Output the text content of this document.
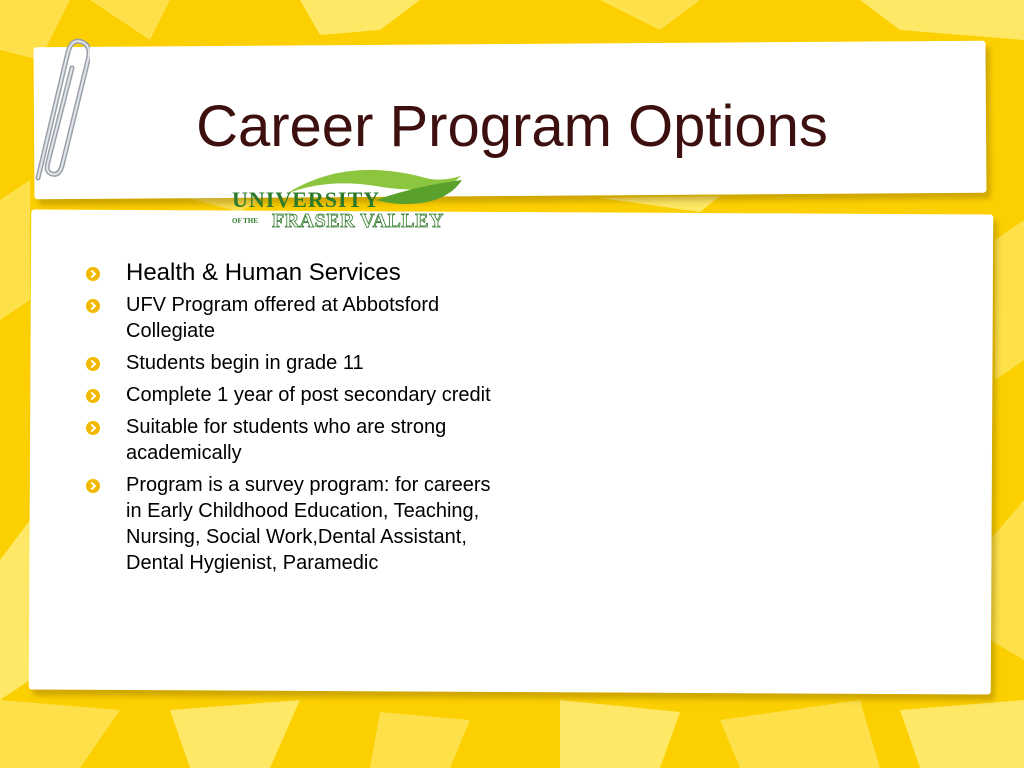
Career Program Options

UNIVERSITY

OF THE FRASER VALLEY

Health & Human Services
UFV Program offered at Abbotsford Collegiate
Students begin in grade 11
Complete 1 year of post secondary credit
Suitable for students who are strong academically
Program is a survey program: for careers in Early Childhood Education, Teaching, Nursing, Social Work,Dental Assistant, Dental Hygienist, Paramedic
